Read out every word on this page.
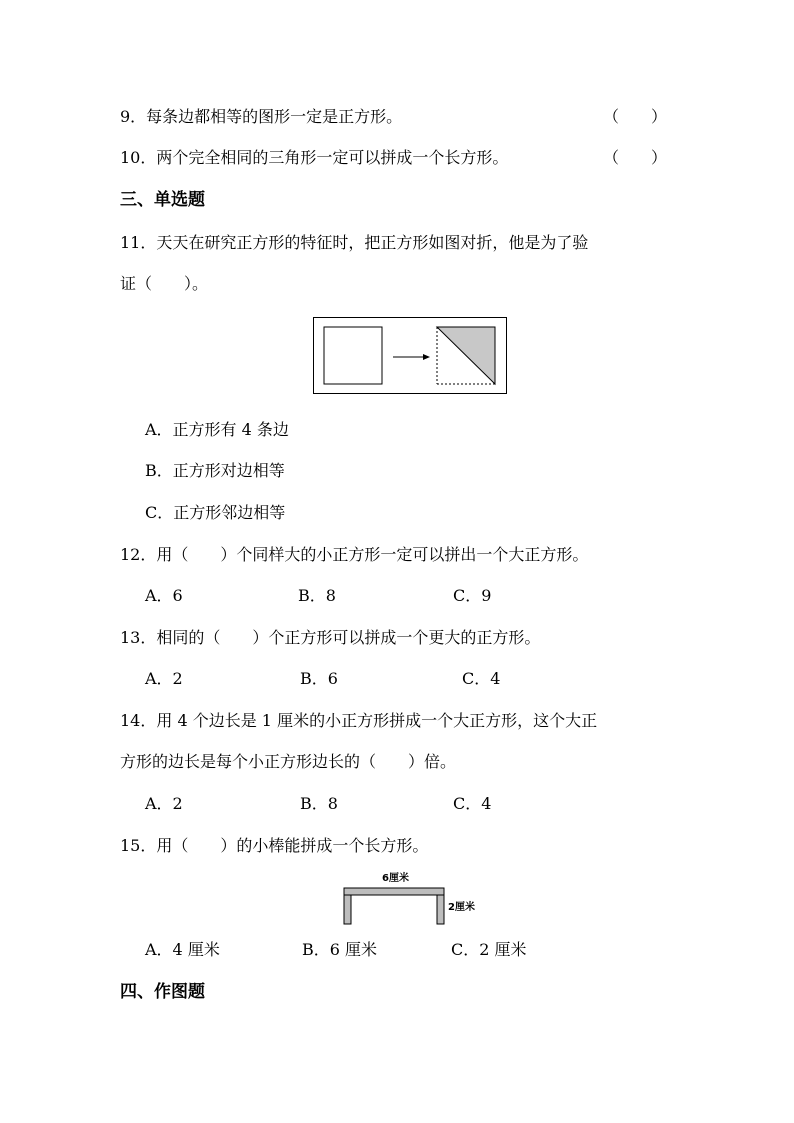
9．每条边都相等的图形一定是正方形。	（　　）
10．两个完全相同的三角形一定可以拼成一个长方形。	（　　）
三、单选题
11．天天在研究正方形的特征时，把正方形如图对折，他是为了验
证（　　）。
A．正方形有 4 条边
B．正方形对边相等
C．正方形邻边相等
12．用（　　）个同样大的小正方形一定可以拼出一个大正方形。
A．6	B．8	C．9
13．相同的（　　）个正方形可以拼成一个更大的正方形。
A．2	B．6	C．4
14．用 4 个边长是 1 厘米的小正方形拼成一个大正方形，这个大正
方形的边长是每个小正方形边长的（　　）倍。
A．2	B．8	C．4
15．用（　　）的小棒能拼成一个长方形。
6厘米
2厘米
A．4 厘米	B．6 厘米	C．2 厘米
四、作图题
